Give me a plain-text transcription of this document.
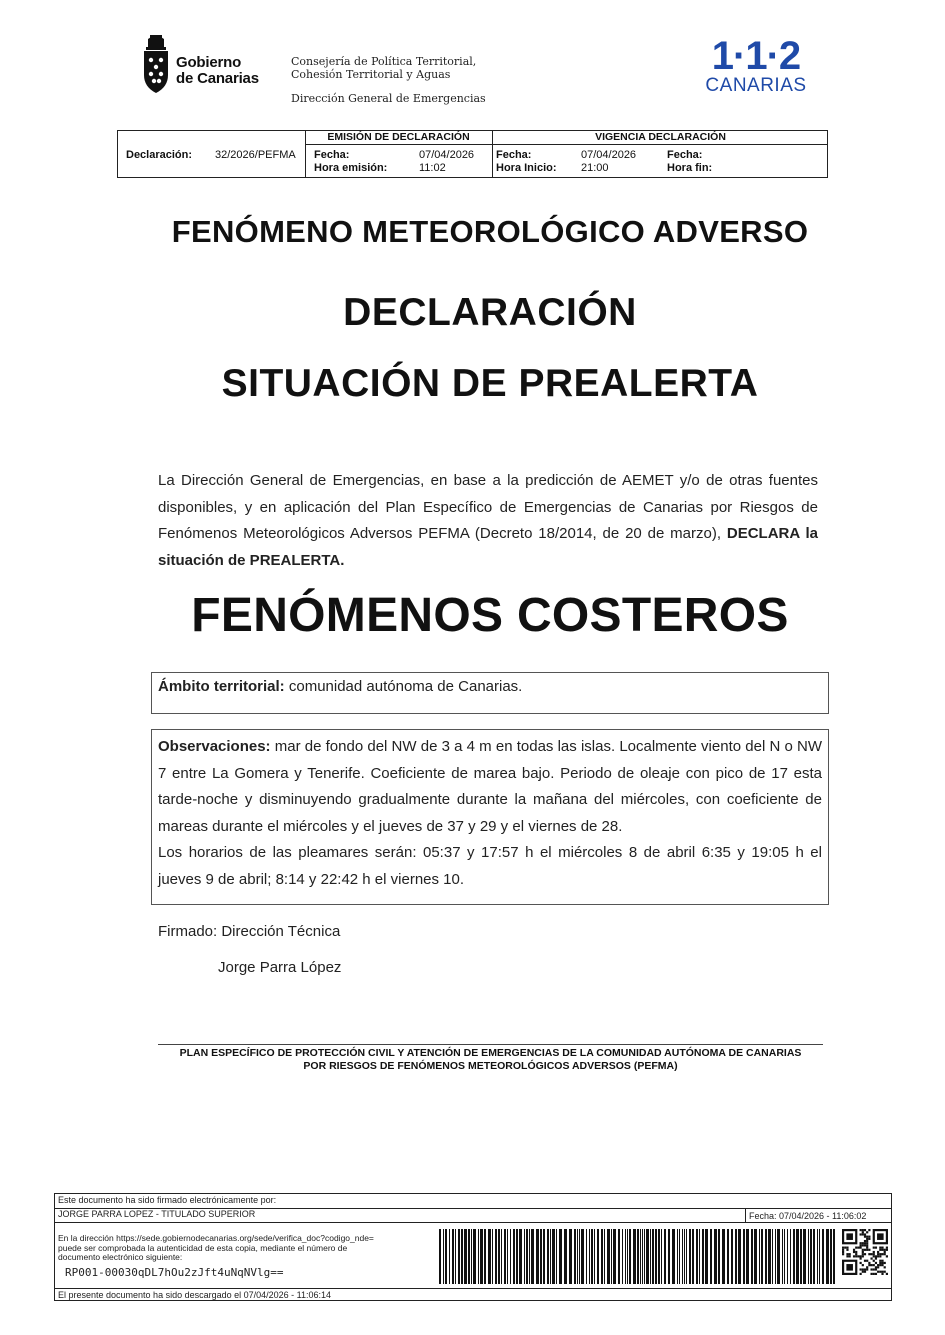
Gobierno
de Canarias
Consejería de Política Territorial,
Cohesión Territorial y Aguas
Dirección General de Emergencias
1·1·2
CANARIAS
Declaración: 32/2026/PEFMA
EMISIÓN DE DECLARACIÓN
Fecha:	07/04/2026
Hora emisión:	11:02
VIGENCIA DECLARACIÓN
Fecha:	07/04/2026
Hora Inicio: 21:00
Fecha:
Hora fin:
FENÓMENO METEOROLÓGICO ADVERSO
DECLARACIÓN
SITUACIÓN DE PREALERTA
La Dirección General de Emergencias, en base a la predicción de AEMET y/o de otras fuentes disponibles, y en aplicación del Plan Específico de Emergencias de Canarias por Riesgos de Fenómenos Meteorológicos Adversos PEFMA (Decreto 18/2014, de 20 de marzo), DECLARA la situación de PREALERTA.
FENÓMENOS COSTEROS
Ámbito territorial: comunidad autónoma de Canarias.
Observaciones: mar de fondo del NW de 3 a 4 m en todas las islas. Localmente viento del N o NW 7 entre La Gomera y Tenerife. Coeficiente de marea bajo. Periodo de oleaje con pico de 17 esta tarde-noche y disminuyendo gradualmente durante la mañana del miércoles, con coeficiente de mareas durante el miércoles y el jueves de 37 y 29 y el viernes de 28.
Los horarios de las pleamares serán: 05:37 y 17:57 h el miércoles 8 de abril 6:35 y 19:05 h el jueves 9 de abril; 8:14 y 22:42 h el viernes 10.
Firmado: Dirección Técnica
Jorge Parra López
PLAN ESPECÍFICO DE PROTECCIÓN CIVIL Y ATENCIÓN DE EMERGENCIAS DE LA COMUNIDAD AUTÓNOMA DE CANARIAS
POR RIESGOS DE FENÓMENOS METEOROLÓGICOS ADVERSOS (PEFMA)
Este documento ha sido firmado electrónicamente por:
JORGE PARRA LOPEZ - TITULADO SUPERIOR	Fecha: 07/04/2026 - 11:06:02
En la dirección https://sede.gobiernodecanarias.org/sede/verifica_doc?codigo_nde=
puede ser comprobada la autenticidad de esta copia, mediante el número de
documento electrónico siguiente:
RP001-00030qDL7hOu2zJft4uNqNVlg==
El presente documento ha sido descargado el 07/04/2026 - 11:06:14
